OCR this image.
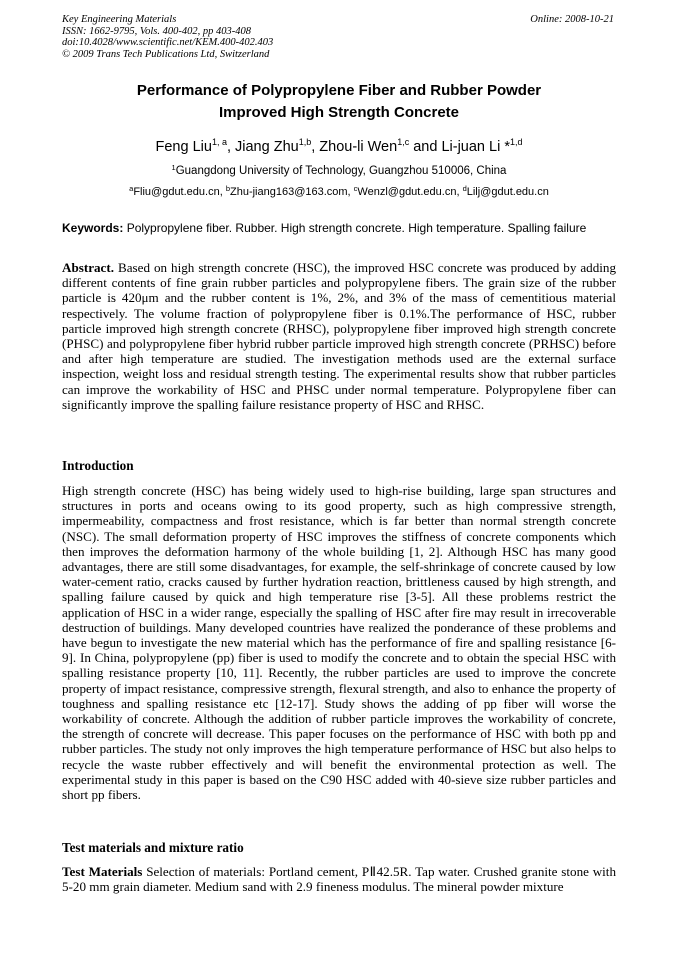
Key Engineering Materials
ISSN: 1662-9795, Vols. 400-402, pp 403-408
doi:10.4028/www.scientific.net/KEM.400-402.403
© 2009 Trans Tech Publications Ltd, Switzerland
Online: 2008-10-21
Performance of Polypropylene Fiber and Rubber Powder
Improved High Strength Concrete
Feng Liu$^{1, a}$, Jiang Zhu$^{1,b}$, Zhou-li Wen$^{1,c}$ and Li-juan Li *$^{1,d}$
$^1$Guangdong University of Technology, Guangzhou 510006, China
$^a$Fliu@gdut.edu.cn, $^b$Zhu-jiang163@163.com, $^c$Wenzl@gdut.edu.cn, $^d$Lilj@gdut.edu.cn
Keywords: Polypropylene fiber. Rubber. High strength concrete. High temperature. Spalling failure
Abstract. Based on high strength concrete (HSC), the improved HSC concrete was produced by adding different contents of fine grain rubber particles and polypropylene fibers. The grain size of the rubber particle is 420μm and the rubber content is 1%, 2%, and 3% of the mass of cementitious material respectively. The volume fraction of polypropylene fiber is 0.1%.The performance of HSC, rubber particle improved high strength concrete (RHSC), polypropylene fiber improved high strength concrete (PHSC) and polypropylene fiber hybrid rubber particle improved high strength concrete (PRHSC) before and after high temperature are studied. The investigation methods used are the external surface inspection, weight loss and residual strength testing. The experimental results show that rubber particles can improve the workability of HSC and PHSC under normal temperature. Polypropylene fiber can significantly improve the spalling failure resistance property of HSC and RHSC.
Introduction
High strength concrete (HSC) has being widely used to high-rise building, large span structures and structures in ports and oceans owing to its good property, such as high compressive strength, impermeability, compactness and frost resistance, which is far better than normal strength concrete (NSC). The small deformation property of HSC improves the stiffness of concrete components which then improves the deformation harmony of the whole building [1, 2]. Although HSC has many good advantages, there are still some disadvantages, for example, the self-shrinkage of concrete caused by low water-cement ratio, cracks caused by further hydration reaction, brittleness caused by high strength, and spalling failure caused by quick and high temperature rise [3-5]. All these problems restrict the application of HSC in a wider range, especially the spalling of HSC after fire may result in irrecoverable destruction of buildings. Many developed countries have realized the ponderance of these problems and have begun to investigate the new material which has the performance of fire and spalling resistance [6-9]. In China, polypropylene (pp) fiber is used to modify the concrete and to obtain the special HSC with spalling resistance property [10, 11]. Recently, the rubber particles are used to improve the concrete property of impact resistance, compressive strength, flexural strength, and also to enhance the property of toughness and spalling resistance etc [12-17]. Study shows the adding of pp fiber will worse the workability of concrete. Although the addition of rubber particle improves the workability of concrete, the strength of concrete will decrease. This paper focuses on the performance of HSC with both pp and rubber particles. The study not only improves the high temperature performance of HSC but also helps to recycle the waste rubber effectively and will benefit the environmental protection as well. The experimental study in this paper is based on the C90 HSC added with 40-sieve size rubber particles and short pp fibers.
Test materials and mixture ratio
Test Materials Selection of materials: Portland cement, PⅡ42.5R. Tap water. Crushed granite stone with 5-20 mm grain diameter. Medium sand with 2.9 fineness modulus. The mineral powder mixture
